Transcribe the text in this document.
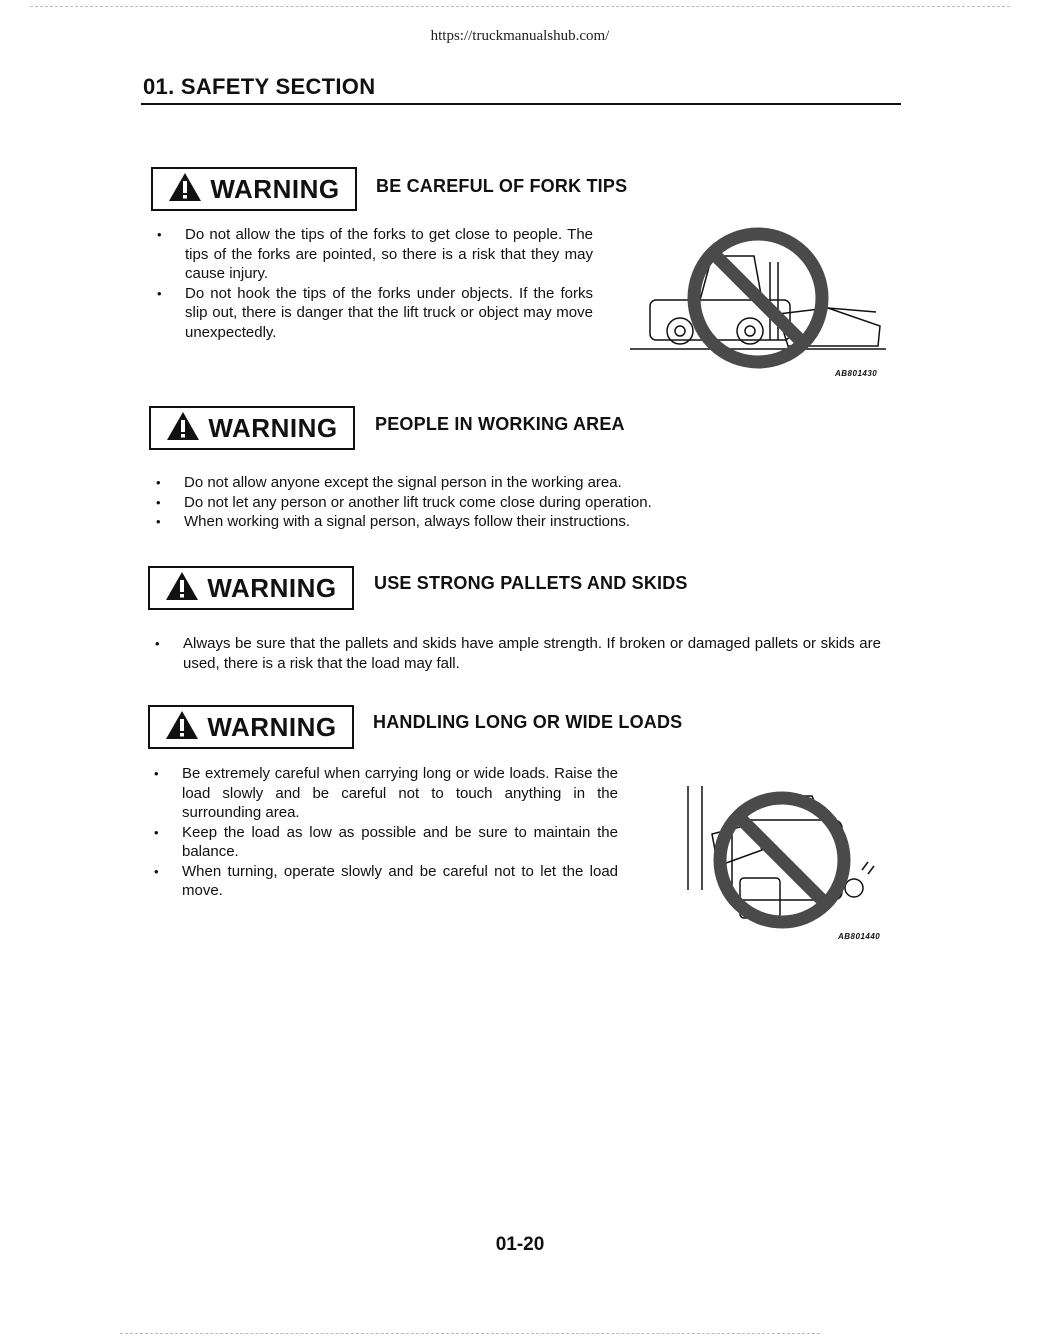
https://truckmanualshub.com/
01. SAFETY SECTION
WARNING BE CAREFUL OF FORK TIPS
• Do not allow the tips of the forks to get close to people. The tips of the forks are pointed, so there is a risk that they may cause injury.
• Do not hook the tips of the forks under objects. If the forks slip out, there is danger that the lift truck or object may move unexpectedly.
AB801430
WARNING PEOPLE IN WORKING AREA
• Do not allow anyone except the signal person in the working area.
• Do not let any person or another lift truck come close during operation.
• When working with a signal person, always follow their instructions.
WARNING USE STRONG PALLETS AND SKIDS
• Always be sure that the pallets and skids have ample strength. If broken or damaged pallets or skids are used, there is a risk that the load may fall.
WARNING HANDLING LONG OR WIDE LOADS
• Be extremely careful when carrying long or wide loads. Raise the load slowly and be careful not to touch anything in the surrounding area.
• Keep the load as low as possible and be sure to maintain the balance.
• When turning, operate slowly and be careful not to let the load move.
AB801440
01-20
